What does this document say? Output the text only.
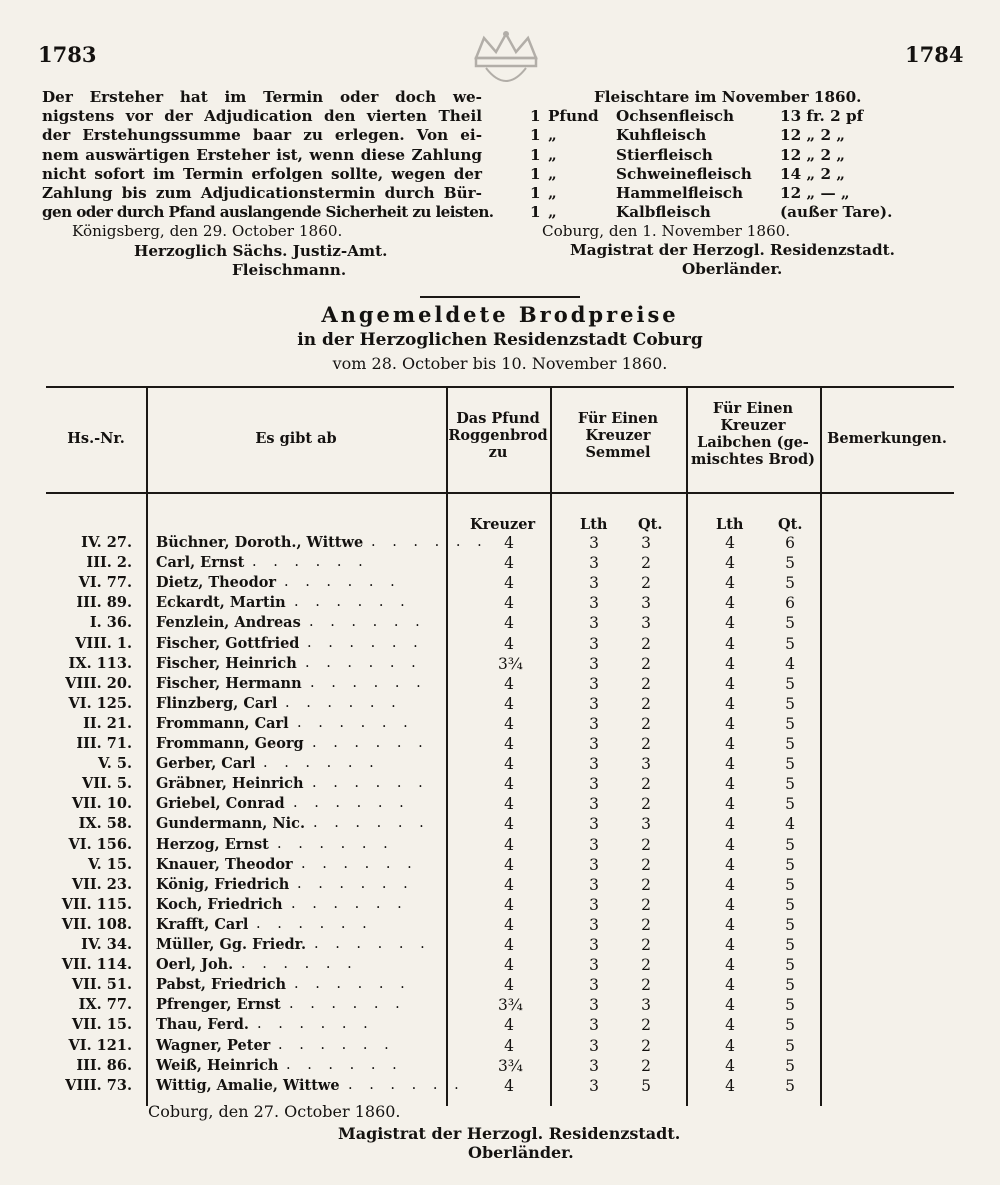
1783	1784
Der Ersteher hat im Termin oder doch we-
nigstens vor der Adjudication den vierten Theil
der Erstehungssumme baar zu erlegen. Von ei-
nem auswärtigen Ersteher ist, wenn diese Zahlung
nicht sofort im Termin erfolgen sollte, wegen der
Zahlung bis zum Adjudicationstermin durch Bür-
gen oder durch Pfand auslangende Sicherheit zu leisten.
Königsberg, den 29. October 1860.
Herzoglich Sächs. Justiz-Amt.
Fleischmann.
Fleischtare im November 1860.
1 Pfund Ochsenfleisch	13 fr. 2 pf
1 „	Kuhfleisch	12 „ 2 „
1 „	Stierfleisch	12 „ 2 „
1 „	Schweinefleisch 14 „ 2 „
1 „	Hammelfleisch 12 „ — „
1 „	Kalbfleisch	(außer Tare).
Coburg, den 1. November 1860.
Magistrat der Herzogl. Residenzstadt.
Oberländer.
Angemeldete Brodpreise
in der Herzoglichen Residenzstadt Coburg
vom 28. October bis 10. November 1860.
Hs.-Nr.	Es gibt ab
Das Pfund
Roggenbrod
zu
Für Einen
Kreuzer
Semmel
Für Einen
Kreuzer
Laibchen (ge-
mischtes Brod)
Bemerkungen.
Kreuzer	Lth Qt.	Lth Qt.
IV. 27. Büchner, Doroth., Wittwe	4	3	3	4	6
. . . . . .
III. 2. Carl, Ernst	4	3	2	4	5
. . . . . .
VI. 77. Dietz, Theodor	4	3	2	4	5
. . . . . .
III. 89. Eckardt, Martin	4	3	3	4	6
. . . . . .
I. 36. Fenzlein, Andreas	4	3	3	4	5
. . . . . .
VIII. 1. Fischer, Gottfried	4	3	2	4	5
. . . . . .
IX. 113. Fischer, Heinrich	3¾	3	2	4	4
. . . . . .
VIII. 20. Fischer, Hermann	4	3	2	4	5
. . . . . .
VI. 125. Flinzberg, Carl	4	3	2	4	5
. . . . . .
II. 21. Frommann, Carl	4	3	2	4	5
. . . . . .
III. 71. Frommann, Georg	4	3	2	4	5
. . . . . .
V. 5. Gerber, Carl	4	3	3	4	5
. . . . . .
VII. 5. Gräbner, Heinrich	4	3	2	4	5
. . . . . .
VII. 10. Griebel, Conrad	4	3	2	4	5
. . . . . .
IX. 58. Gundermann, Nic.	4	3	3	4	4
. . . . . .
VI. 156. Herzog, Ernst	4	3	2	4	5
. . . . . .
V. 15. Knauer, Theodor	4	3	2	4	5
. . . . . .
VII. 23. König, Friedrich	4	3	2	4	5
. . . . . .
VII. 115. Koch, Friedrich	4	3	2	4	5
. . . . . .
VII. 108. Krafft, Carl	4	3	2	4	5
. . . . . .
IV. 34. Müller, Gg. Friedr.	4	3	2	4	5
. . . . . .
VII. 114. Oerl, Joh.	4	3	2	4	5
. . . . . .
VII. 51. Pabst, Friedrich	4	3	2	4	5
. . . . . .
IX. 77. Pfrenger, Ernst	3¾	3	3	4	5
. . . . . .
VII. 15. Thau, Ferd.	4	3	2	4	5
. . . . . .
VI. 121. Wagner, Peter	4	3	2	4	5
. . . . . .
III. 86. Weiß, Heinrich	3¾	3	2	4	5
. . . . . .
VIII. 73. Wittig, Amalie, Wittwe	4	3	5	4	5
. . . . . .
Coburg, den 27. October 1860.
Magistrat der Herzogl. Residenzstadt.
Oberländer.
